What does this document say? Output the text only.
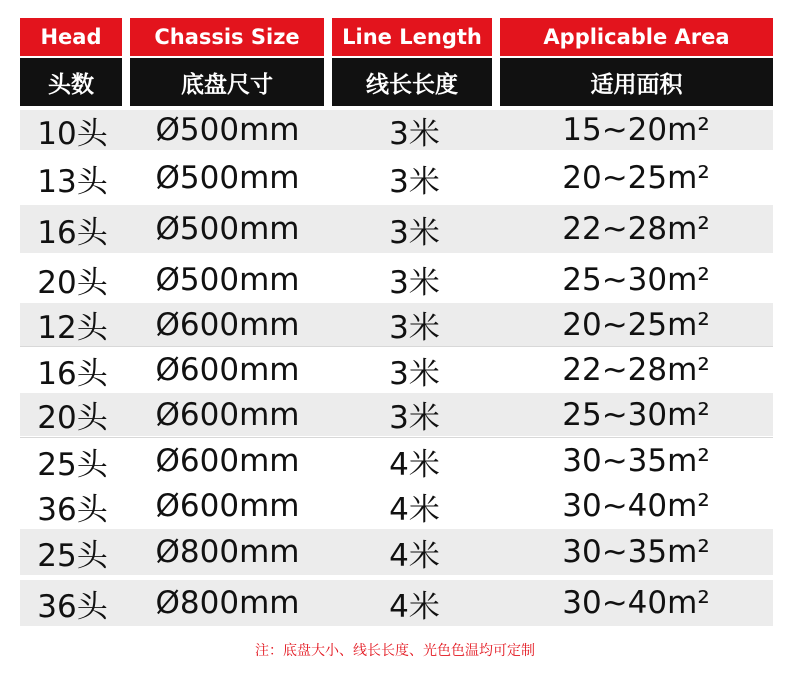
Head	Chassis Size	Line Length	Applicable Area
头数	底盘尺寸	线长长度	适用面积
10头	Ø500mm	3米	15~20m²
13头	Ø500mm	3米	20~25m²
16头	Ø500mm	3米	22~28m²
20头	Ø500mm	3米	25~30m²
12头	Ø600mm	3米	20~25m²
16头	Ø600mm	3米	22~28m²
20头	Ø600mm	3米	25~30m²
25头	Ø600mm	4米	30~35m²
36头	Ø600mm	4米	30~40m²
25头	Ø800mm	4米	30~35m²
36头	Ø800mm	4米	30~40m²
注：底盘大小、线长长度、光色色温均可定制
